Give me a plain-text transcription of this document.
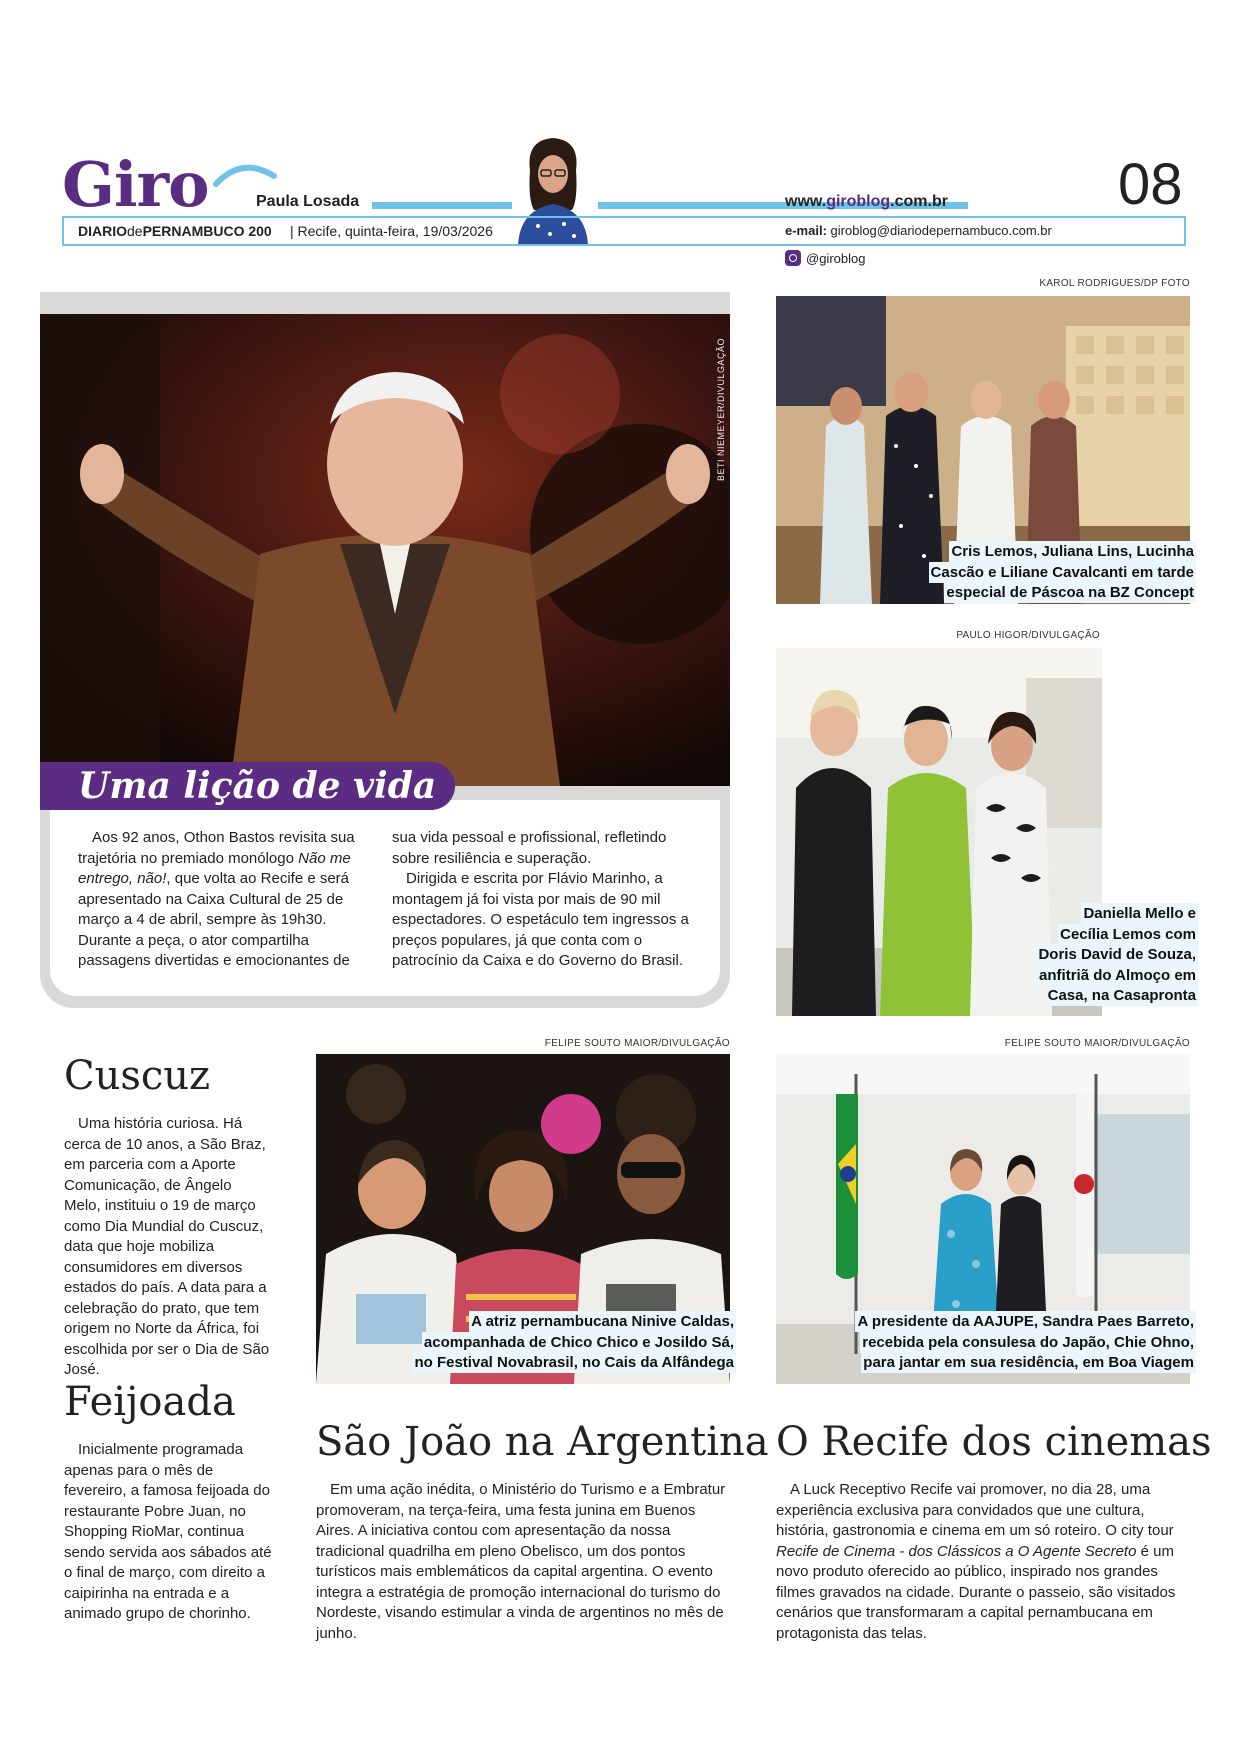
Giro	Paula Losada	www.giroblog.com.br	08
DIARIOdePERNAMBUCO 200 | Recife, quinta-feira, 19/03/2026	e-mail: giroblog@diariodepernambuco.com.br
@giroblog
BETI NIEMEYER/DIVULGAÇÃO
Uma lição de vida

Aos 92 anos, Othon Bastos revisita sua trajetória no premiado monólogo Não me entrego, não!, que volta ao Recife e será apresentado na Caixa Cultural de 25 de março a 4 de abril, sempre às 19h30. Durante a peça, o ator compartilha passagens divertidas e emocionantes de

sua vida pessoal e profissional, refletindo sobre resiliência e superação.

Dirigida e escrita por Flávio Marinho, a montagem já foi vista por mais de 90 mil espectadores. O espetáculo tem ingressos a preços populares, já que conta com o patrocínio da Caixa e do Governo do Brasil.

KAROL RODRIGUES/DP FOTO
Cris Lemos, Juliana Lins, Lucinha
Cascão e Liliane Cavalcanti em tarde
especial de Páscoa na BZ Concept
PAULO HIGOR/DIVULGAÇÃO
Daniella Mello e
Cecília Lemos com
Doris David de Souza,
anfitriã do Almoço em
Casa, na Casapronta
Cuscuz

Uma história curiosa. Há cerca de 10 anos, a São Braz, em parceria com a Aporte Comunicação, de Ângelo Melo, instituiu o 19 de março como Dia Mundial do Cuscuz, data que hoje mobiliza consumidores em diversos estados do país. A data para a celebração do prato, que tem origem no Norte da África, foi escolhida por ser o Dia de São José.

Feijoada

Inicialmente programada apenas para o mês de fevereiro, a famosa feijoada do restaurante Pobre Juan, no Shopping RioMar, continua sendo servida aos sábados até o final de março, com direito a caipirinha na entrada e a animado grupo de chorinho.

FELIPE SOUTO MAIOR/DIVULGAÇÃO
A atriz pernambucana Ninive Caldas,
acompanhada de Chico Chico e Josildo Sá,
no Festival Novabrasil, no Cais da Alfândega
FELIPE SOUTO MAIOR/DIVULGAÇÃO
A presidente da AAJUPE, Sandra Paes Barreto,
recebida pela consulesa do Japão, Chie Ohno,
para jantar em sua residência, em Boa Viagem
São João na Argentina

Em uma ação inédita, o Ministério do Turismo e a Embratur promoveram, na terça-feira, uma festa junina em Buenos Aires. A iniciativa contou com apresentação da nossa tradicional quadrilha em pleno Obelisco, um dos pontos turísticos mais emblemáticos da capital argentina. O evento integra a estratégia de promoção internacional do turismo do Nordeste, visando estimular a vinda de argentinos no mês de junho.

O Recife dos cinemas

A Luck Receptivo Recife vai promover, no dia 28, uma experiência exclusiva para convidados que une cultura, história, gastronomia e cinema em um só roteiro. O city tour Recife de Cinema - dos Clássicos a O Agente Secreto é um novo produto oferecido ao público, inspirado nos grandes filmes gravados na cidade. Durante o passeio, são visitados cenários que transformaram a capital pernambucana em protagonista das telas.
